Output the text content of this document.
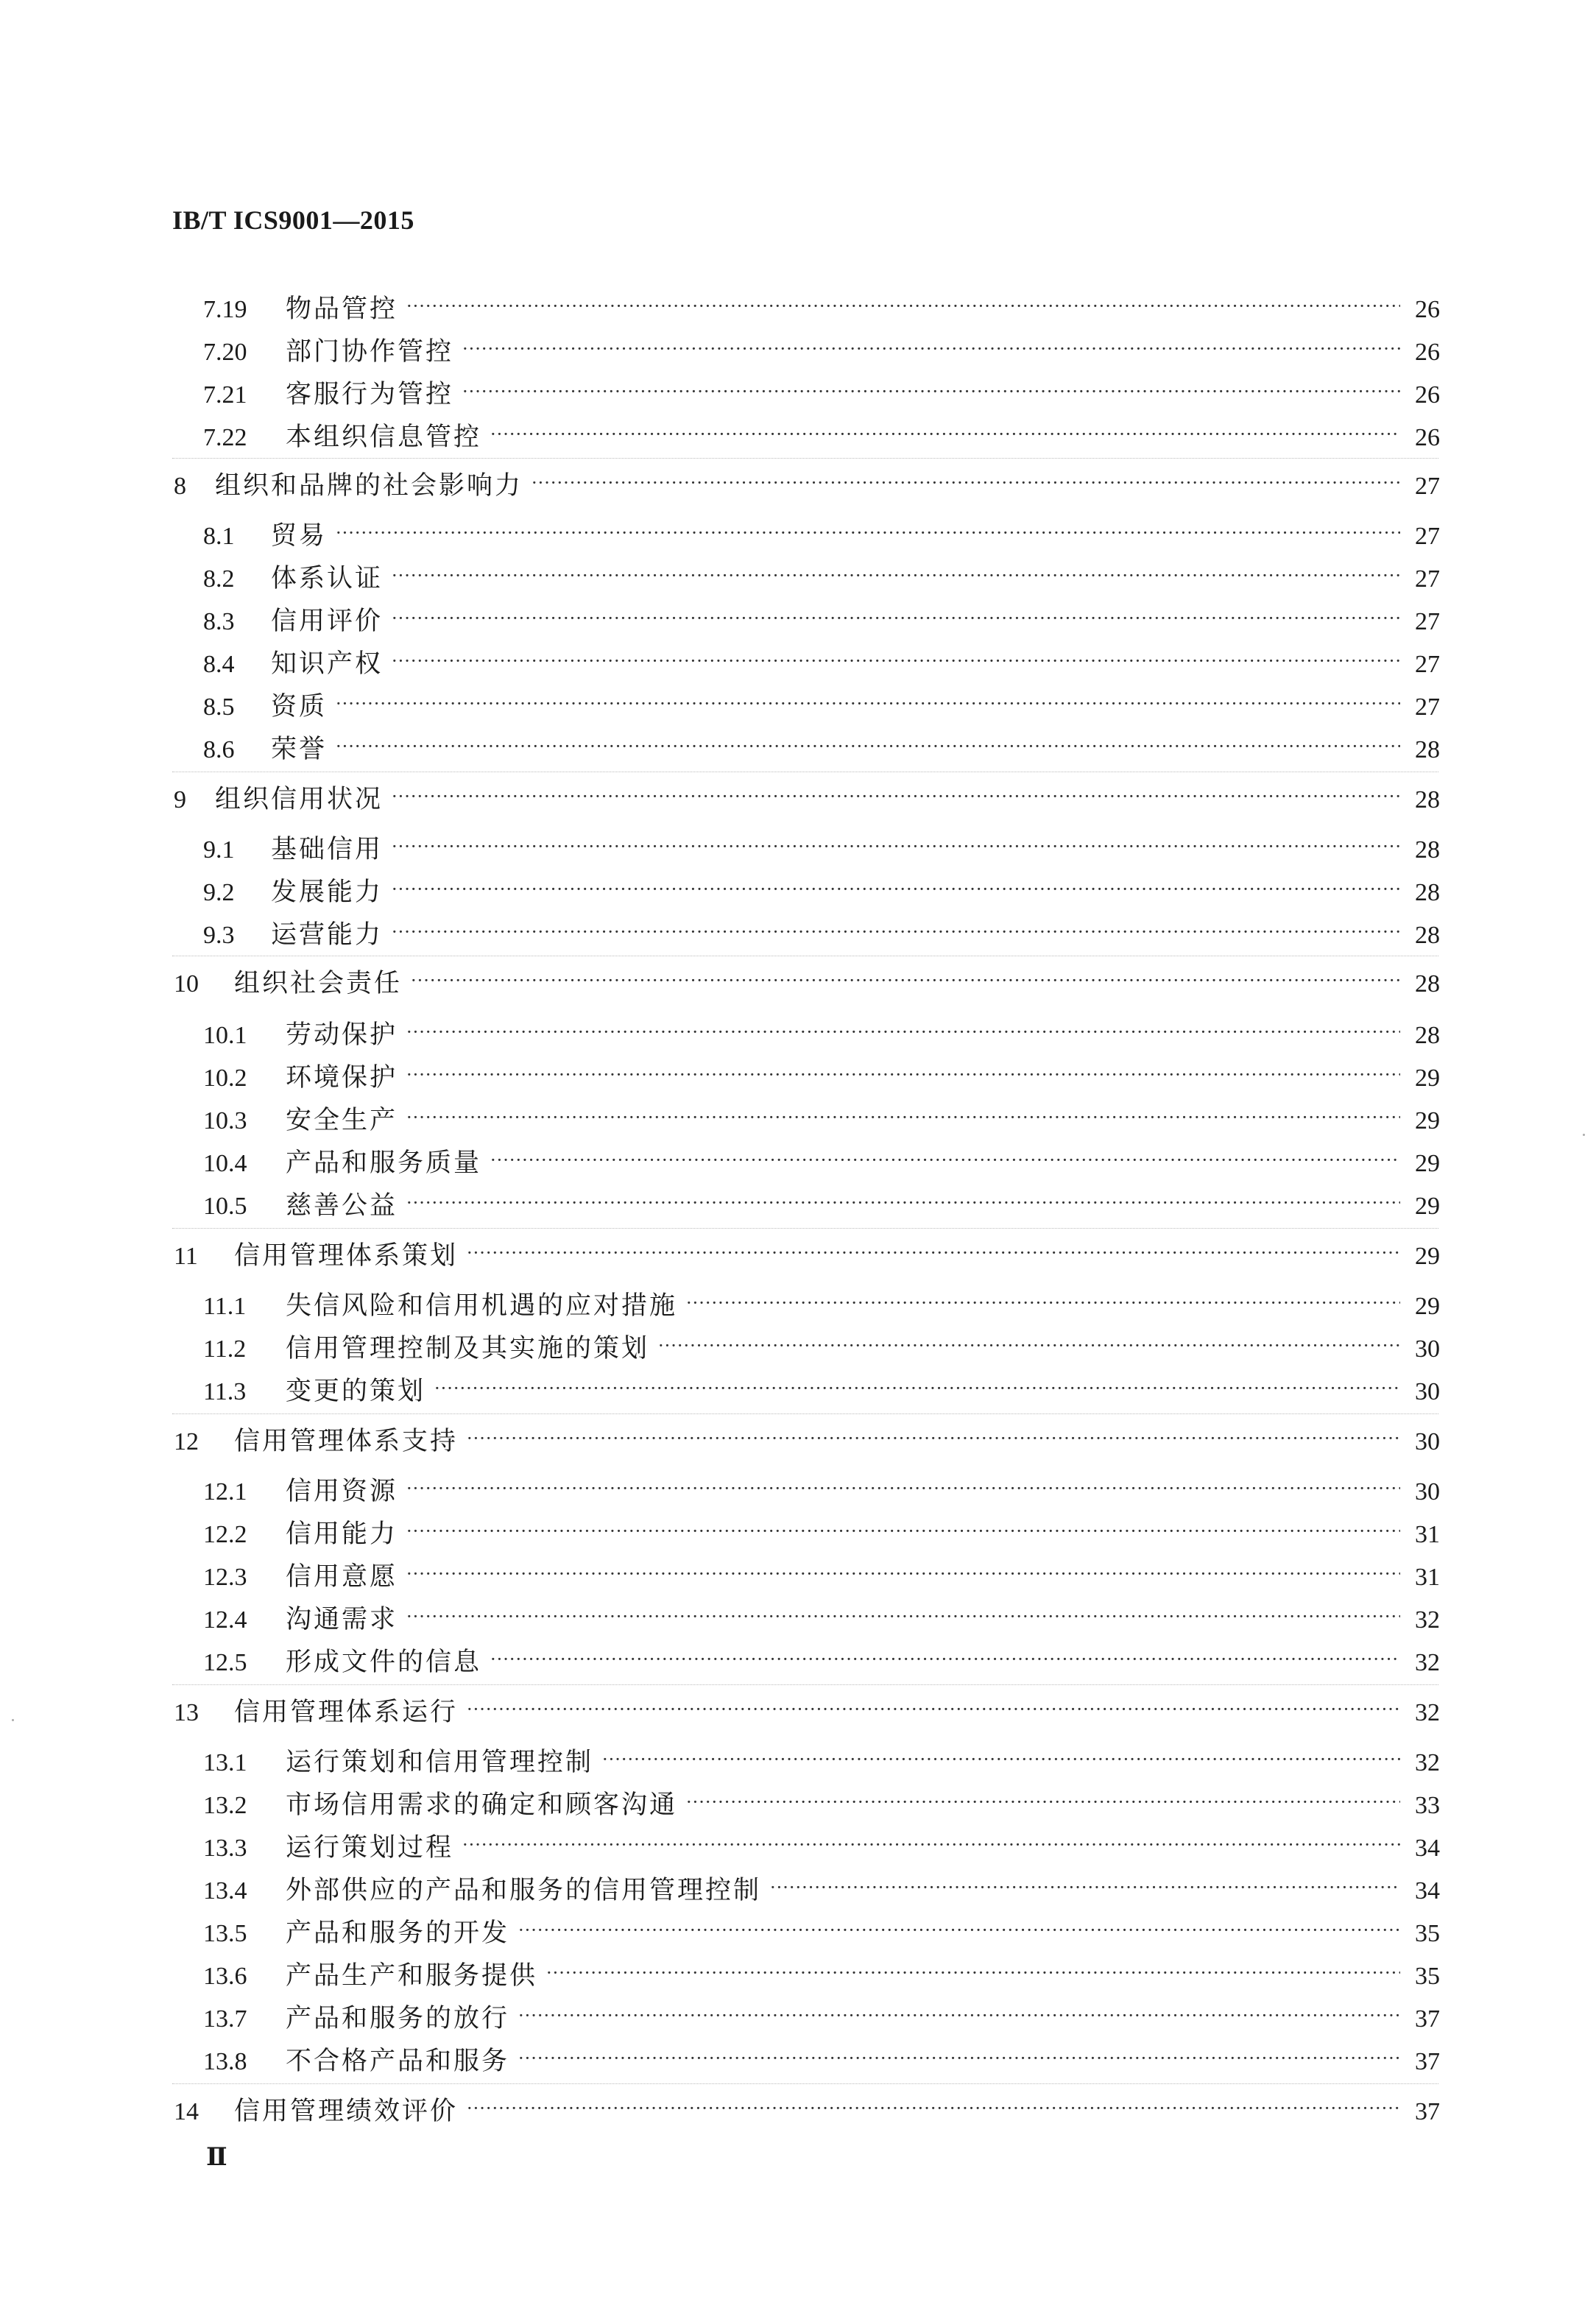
IB/T ICS9001—2015
7.19	物品管控 ·····	26
7.20	部门协作管控 ·····	26
7.21	客服行为管控 ·····	26
7.22	本组织信息管控 ·····	26
8	组织和品牌的社会影响力 ·····	27
8.1	贸易 ·····	27
8.2	体系认证 ·····	27
8.3	信用评价 ·····	27
8.4	知识产权 ·····	27
8.5	资质 ·····	27
8.6	荣誉 ·····	28
9	组织信用状况 ·····	28
9.1	基础信用 ·····	28
9.2	发展能力 ·····	28
9.3	运营能力 ·····	28
10	组织社会责任 ·····	28
10.1	劳动保护 ·····	28
10.2	环境保护 ·····	29
10.3	安全生产 ·····	29
10.4	产品和服务质量 ·····	29
10.5	慈善公益 ·····	29
11	信用管理体系策划 ·····	29
11.1	失信风险和信用机遇的应对措施 ·····	29
11.2	信用管理控制及其实施的策划 ·····	30
11.3	变更的策划 ·····	30
12	信用管理体系支持 ·····	30
12.1	信用资源 ·····	30
12.2	信用能力 ·····	31
12.3	信用意愿 ·····	31
12.4	沟通需求 ·····	32
12.5	形成文件的信息 ·····	32
13	信用管理体系运行 ·····	32
13.1	运行策划和信用管理控制 ·····	32
13.2	市场信用需求的确定和顾客沟通 ·····	33
13.3	运行策划过程 ·····	34
13.4	外部供应的产品和服务的信用管理控制 ·····	34
13.5	产品和服务的开发 ·····	35
13.6	产品生产和服务提供 ·····	35
13.7	产品和服务的放行 ·····	37
13.8	不合格产品和服务 ·····	37
14	信用管理绩效评价 ·····	37
Ⅱ
